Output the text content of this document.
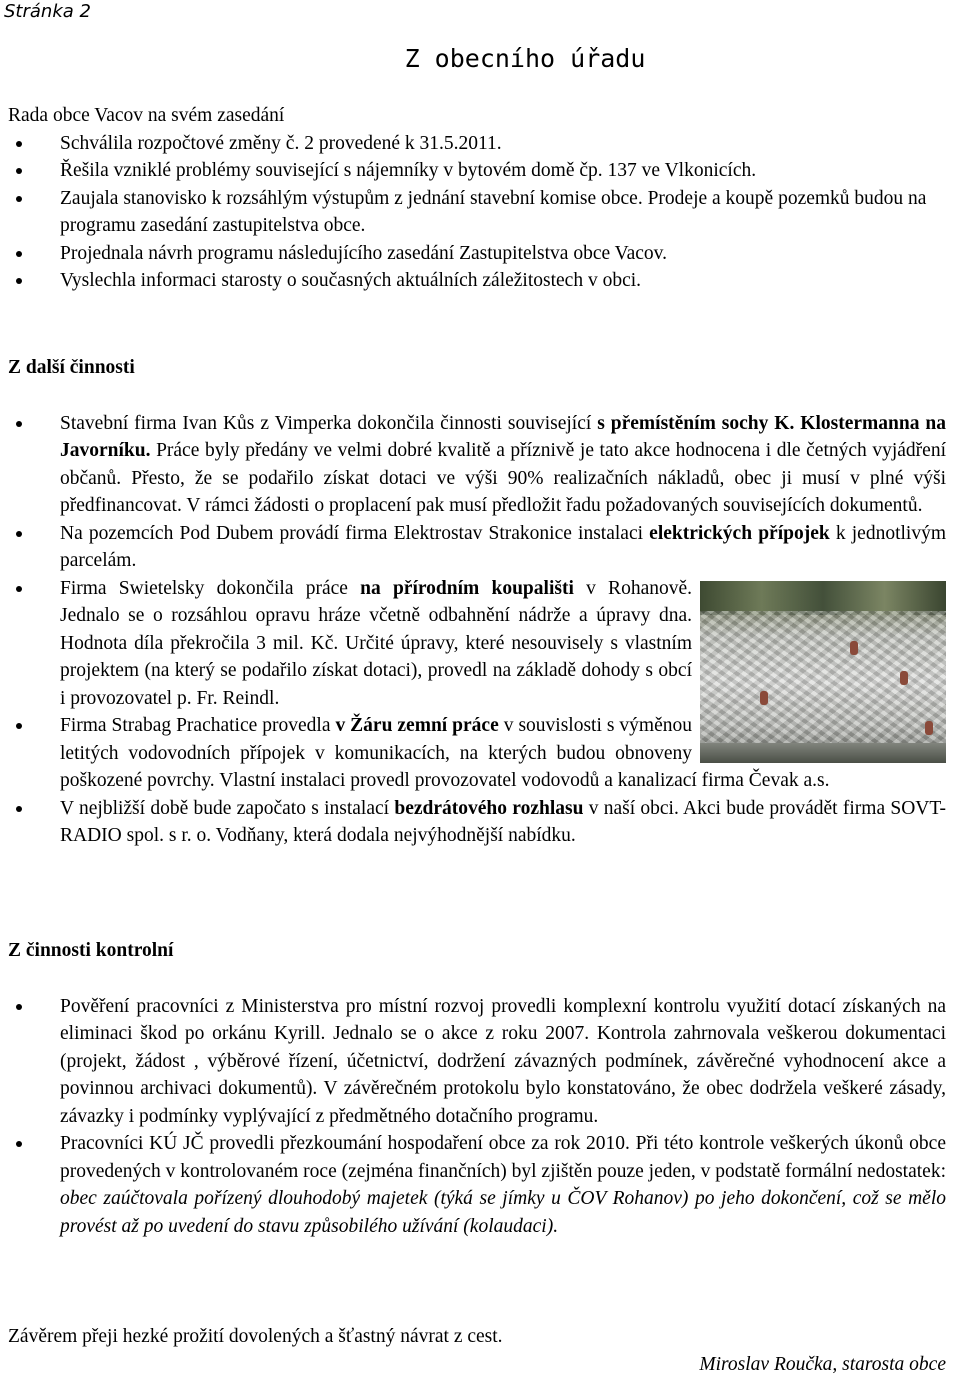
Stránka 2
Z obecního úřadu

Rada obce Vacov na svém zasedání

Schválila rozpočtové změny č. 2 provedené k 31.5.2011.
Řešila vzniklé problémy související s nájemníky v bytovém domě čp. 137 ve Vlkonicích.
Zaujala stanovisko k rozsáhlým výstupům z jednání stavební komise obce. Prodeje a koupě pozemků budou na programu zasedání zastupitelstva obce.
Projednala návrh programu následujícího zasedání Zastupitelstva obce Vacov.
Vyslechla informaci starosty o současných aktuálních záležitostech v obci.
Z další činnosti
Stavební firma Ivan Kůs z Vimperka dokončila činnosti související s přemístěním sochy K. Klostermanna na Javorníku. Práce byly předány ve velmi dobré kvalitě a příznivě je tato akce hodnocena i dle četných vyjádření občanů. Přesto, že se podařilo získat dotaci ve výši 90% realizačních nákladů, obec ji musí v plné výši předfinancovat. V rámci žádosti o proplacení pak musí předložit řadu požadovaných souvisejících dokumentů.
Na pozemcích Pod Dubem provádí firma Elektrostav Strakonice instalaci elektrických přípojek k jednotlivým parcelám.
Firma Swietelsky dokončila práce na přírodním koupališti v Rohanově. Jednalo se o rozsáhlou opravu hráze včetně odbahnění nádrže a úpravy dna. Hodnota díla překročila 3 mil. Kč. Určité úpravy, které nesouvisely s vlastním projektem (na který se podařilo získat dotaci), provedl na základě dohody s obcí i provozovatel p. Fr. Reindl.
Firma Strabag Prachatice provedla v Žáru zemní práce v souvislosti s výměnou letitých vodovodních přípojek v komunikacích, na kterých budou obnoveny poškozené povrchy. Vlastní instalaci provedl provozovatel vodovodů a kanalizací firma Čevak a.s.
V nejbližší době bude započato s instalací bezdrátového rozhlasu v naší obci. Akci bude provádět firma SOVT-RADIO spol. s r. o. Vodňany, která dodala nejvýhodnější nabídku.
Z činnosti kontrolní
Pověření pracovníci z Ministerstva pro místní rozvoj provedli komplexní kontrolu využití dotací získaných na eliminaci škod po orkánu Kyrill. Jednalo se o akce z roku 2007. Kontrola zahrnovala veškerou dokumentaci (projekt, žádost , výběrové řízení, účetnictví, dodržení závazných podmínek, závěrečné vyhodnocení akce a povinnou archivaci dokumentů). V závěrečném protokolu bylo konstatováno, že obec dodržela veškeré zásady, závazky i podmínky vyplývající z předmětného dotačního programu.
Pracovníci KÚ JČ provedli přezkoumání hospodaření obce za rok 2010. Při této kontrole veškerých úkonů obce provedených v kontrolovaném roce (zejména finančních) byl zjištěn pouze jeden, v podstatě formální nedostatek: obec zaúčtovala pořízený dlouhodobý majetek (týká se jímky u ČOV Rohanov) po jeho dokončení, což se mělo provést až po uvedení do stavu způsobilého užívání (kolaudaci).
Závěrem přeji hezké prožití dovolených a šťastný návrat z cest.
Miroslav Roučka, starosta obce
